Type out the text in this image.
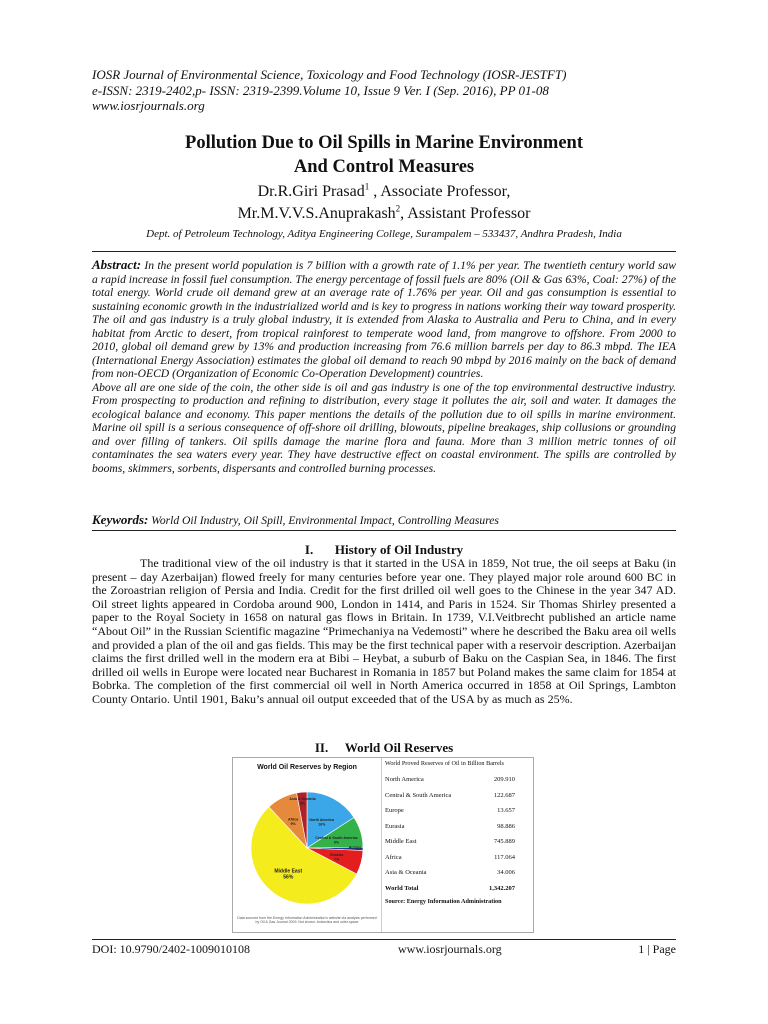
IOSR Journal of Environmental Science, Toxicology and Food Technology (IOSR-JESTFT)
e-ISSN: 2319-2402,p- ISSN: 2319-2399.Volume 10, Issue 9 Ver. I (Sep. 2016), PP 01-08
www.iosrjournals.org
Pollution Due to Oil Spills in Marine Environment
And Control Measures
Dr.R.Giri Prasad$^1$ , Associate Professor,
Mr.M.V.V.S.Anuprakash$^2$, Assistant Professor
Dept. of Petroleum Technology, Aditya Engineering College, Surampalem – 533437, Andhra Pradesh, India
Abstract: In the present world population is 7 billion with a growth rate of 1.1% per year. The twentieth century world saw a rapid increase in fossil fuel consumption. The energy percentage of fossil fuels are 80% (Oil & Gas 63%, Coal: 27%) of the total energy. World crude oil demand grew at an average rate of 1.76% per year. Oil and gas consumption is essential to sustaining economic growth in the industrialized world and is key to progress in nations working their way toward prosperity. The oil and gas industry is a truly global industry, it is extended from Alaska to Australia and Peru to China, and in every habitat from Arctic to desert, from tropical rainforest to temperate wood land, from mangrove to offshore. From 2000 to 2010, global oil demand grew by 13% and production increasing from 76.6 million barrels per day to 86.3 mbpd. The IEA (International Energy Association) estimates the global oil demand to reach 90 mbpd by 2016 mainly on the back of demand from non-OECD (Organization of Economic Co-Operation Development) countries.
Above all are one side of the coin, the other side is oil and gas industry is one of the top environmental destructive industry. From prospecting to production and refining to distribution, every stage it pollutes the air, soil and water. It damages the ecological balance and economy. This paper mentions the details of the pollution due to oil spills in marine environment. Marine oil spill is a serious consequence of off-shore oil drilling, blowouts, pipeline breakages, ship collusions or grounding and over filling of tankers. Oil spills damage the marine flora and fauna. More than 3 million metric tonnes of oil contaminates the sea waters every year. They have destructive effect on coastal environment. The spills are controlled by booms, skimmers, sorbents, dispersants and controlled burning processes.
Keywords: World Oil Industry, Oil Spill, Environmental Impact, Controlling Measures
I. History of Oil Industry
The traditional view of the oil industry is that it started in the USA in 1859, Not true, the oil seeps at Baku (in present – day Azerbaijan) flowed freely for many centuries before year one. They played major role around 600 BC in the Zoroastrian religion of Persia and India. Credit for the first drilled oil well goes to the Chinese in the year 347 AD. Oil street lights appeared in Cordoba around 900, London in 1414, and Paris in 1524. Sir Thomas Shirley presented a paper to the Royal Society in 1658 on natural gas flows in Britain. In 1739, V.I.Veitbrecht published an article name “About Oil” in the Russian Scientific magazine “Primechaniya na Vedemosti” where he described the Baku area oil wells and provided a plan of the oil and gas fields. This may be the first technical paper with a reservoir description. Azerbaijan claims the first drilled well in the modern era at Bibi – Heybat, a suburb of Baku on the Caspian Sea, in 1846. The first drilled oil wells in Europe were located near Bucharest in Romania in 1857 but Poland makes the same claim for 1854 at Bobrka. The completion of the first commercial oil well in North America occurred in 1858 at Oil Springs, Lambton County Ontario. Until 1901, Baku’s annual oil output exceeded that of the USA by as much as 25%.
II. World Oil Reserves
World Oil Reserves by Region
North America 16%
Central & South America 9%
Europe
Eurasia 7%
Middle East 56%
Africa 9%
Asia & Oceania 3%
Data sourced from the Energy Information Administration's website via analysis performed by Oil & Gas Journal 2009. Not shown: Antarctica and outer-space
World Proved Reserves of Oil in Billion Barrels
North America	209.910
Central & South America	122.687
Europe	13.657
Eurasia	98.886
Middle East	745.889
Africa	117.064
Asia & Oceania	34.006
World Total	1,342.207
Source: Energy Information Administration
DOI: 10.9790/2402-1009010108	www.iosrjournals.org	1 | Page
